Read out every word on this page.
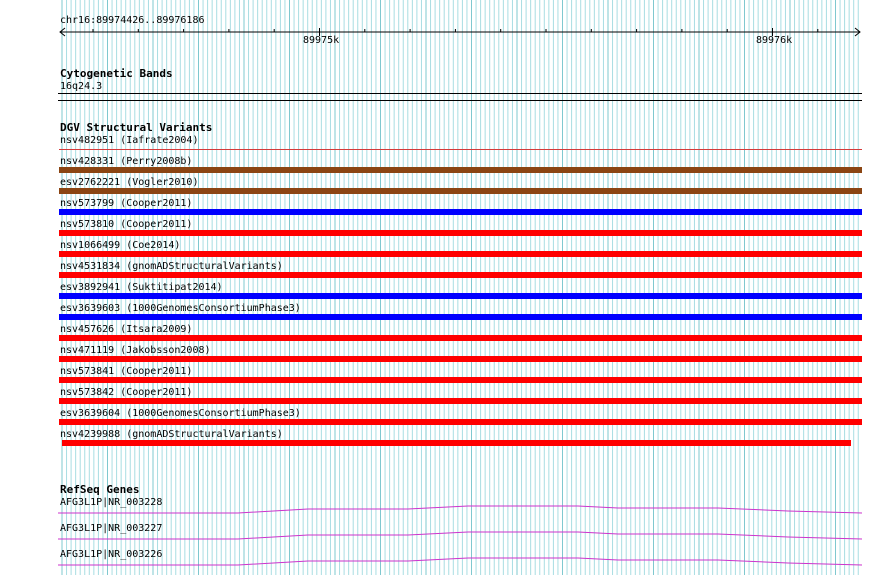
chr16:89974426..89976186
89975k	89976k
Cytogenetic Bands
16q24.3
DGV Structural Variants
nsv482951 (Iafrate2004)
nsv428331 (Perry2008b)
esv2762221 (Vogler2010)
nsv573799 (Cooper2011)
nsv573810 (Cooper2011)
nsv1066499 (Coe2014)
nsv4531834 (gnomADStructuralVariants)
esv3892941 (Suktitipat2014)
esv3639603 (1000GenomesConsortiumPhase3)
nsv457626 (Itsara2009)
nsv471119 (Jakobsson2008)
nsv573841 (Cooper2011)
nsv573842 (Cooper2011)
esv3639604 (1000GenomesConsortiumPhase3)
nsv4239988 (gnomADStructuralVariants)
RefSeq Genes
AFG3L1P|NR_003228
AFG3L1P|NR_003227
AFG3L1P|NR_003226
